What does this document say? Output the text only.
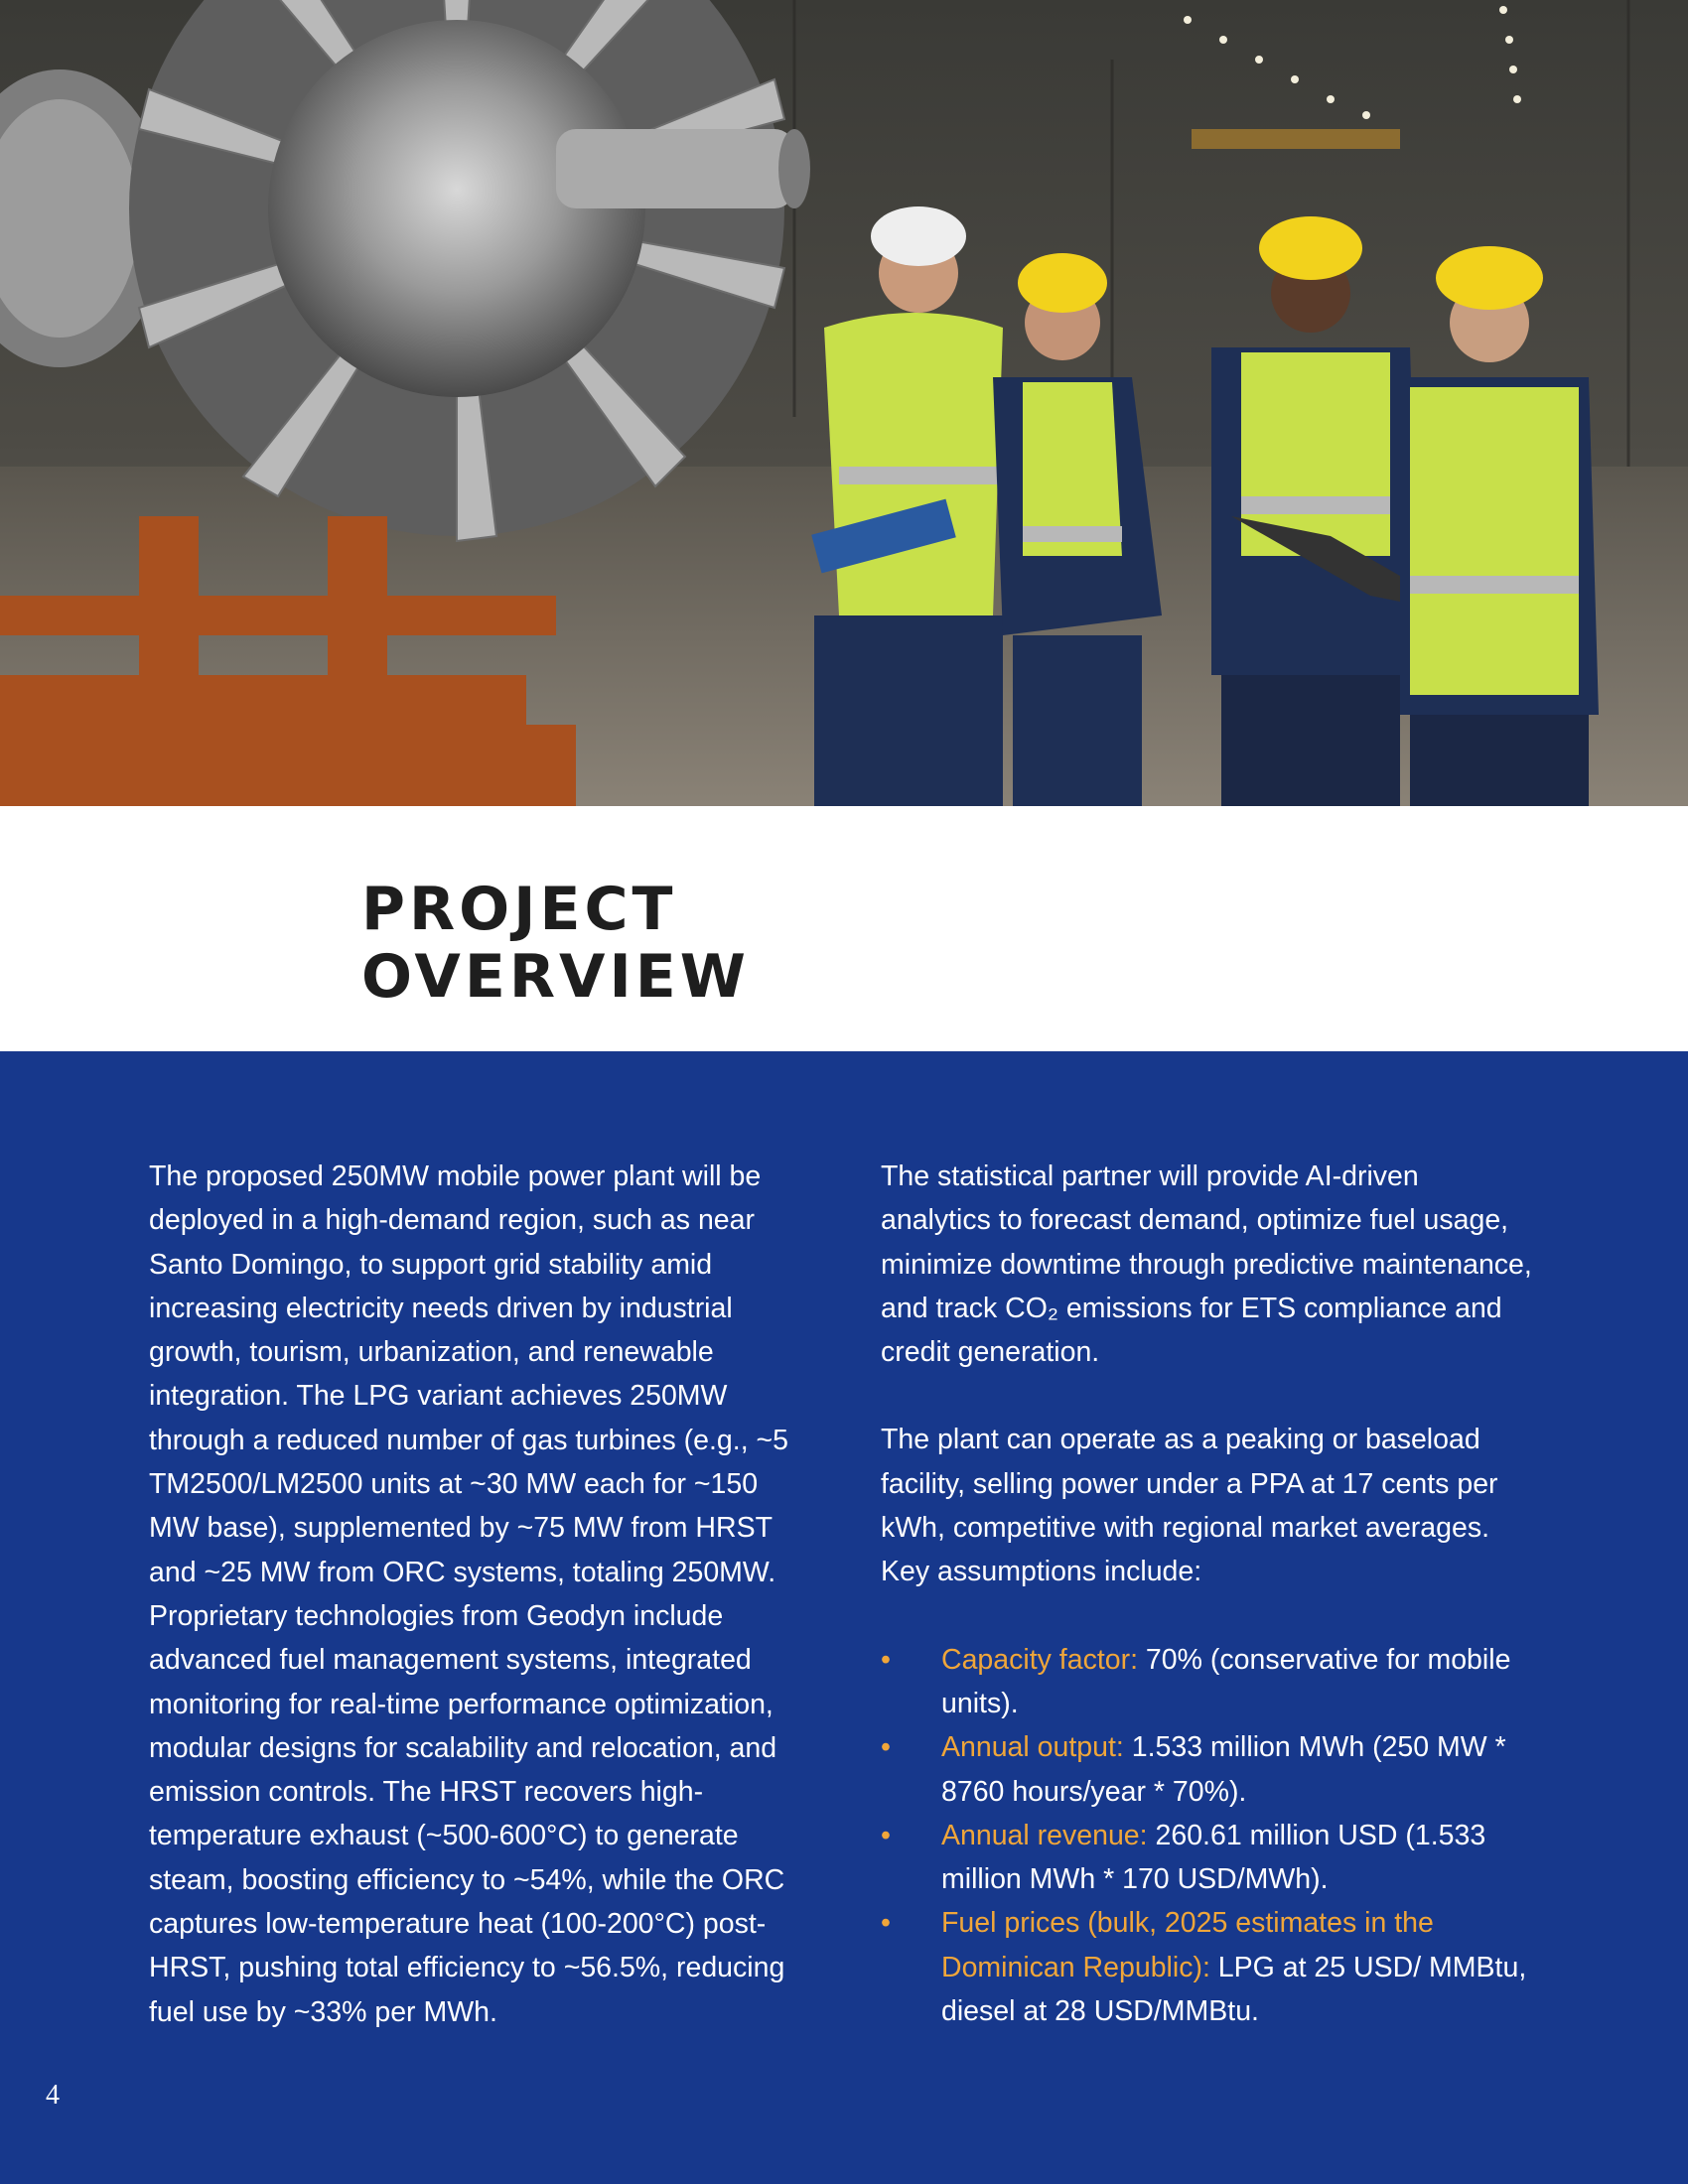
PROJECT
OVERVIEW

The proposed 250MW mobile power plant will be deployed in a high-demand region, such as near Santo Domingo, to support grid stability amid increasing electricity needs driven by industrial growth, tourism, urbanization, and renewable integration. The LPG variant achieves 250MW through a reduced number of gas turbines (e.g., ~5 TM2500/LM2500 units at ~30 MW each for ~150 MW base), supplemented by ~75 MW from HRST and ~25 MW from ORC systems, totaling 250MW. Proprietary technologies from Geodyn include advanced fuel management systems, integrated monitoring for real-time performance optimization, modular designs for scalability and relocation, and emission controls. The HRST recovers high-temperature exhaust (~500-600°C) to generate steam, boosting efficiency to ~54%, while the ORC captures low-temperature heat (100-200°C) post-HRST, pushing total efficiency to ~56.5%, reducing fuel use by ~33% per MWh.

The statistical partner will provide AI-driven analytics to forecast demand, optimize fuel usage, minimize downtime through predictive maintenance, and track CO₂ emissions for ETS compliance and credit generation.

The plant can operate as a peaking or baseload facility, selling power under a PPA at 17 cents per kWh, competitive with regional market averages. Key assumptions include:

• Capacity factor: 70% (conservative for mobile units).
• Annual output: 1.533 million MWh (250 MW * 8760 hours/year * 70%).
• Annual revenue: 260.61 million USD (1.533 million MWh * 170 USD/MWh).
• Fuel prices (bulk, 2025 estimates in the Dominican Republic): LPG at 25 USD/ MMBtu, diesel at 28 USD/MMBtu.
4
